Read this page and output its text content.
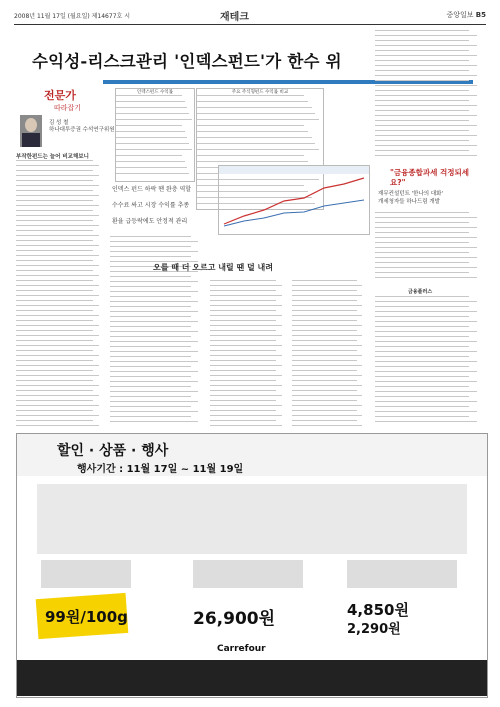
2008년 11월 17일 (월요일) 제14677호 시	재테크	중앙일보 B5
수익성-리스크관리 '인덱스펀드'가 한수 위
전문가
따라잡기
김 성 철
하나대투증권 수석연구위원
부작한펀드는 늘어 비교해보니
인덱스펀드 수익률	주요 주식형펀드 수익률 비교
인덱스 펀드 하락 땐 완충 역할
수수료 싸고 시장 수익률 추종
환율 급등락에도 안정적 관리
오를 때 더 오르고 내릴 땐 덜 내려
"금융종합과세 걱정되세요?"
재무컨설턴트 '한나의 대화'
개세청자들 하나드림 개발
금융플러스
할인 · 상품 · 행사
행사기간 : 11월 17일 ~ 11월 19일
99원/100g	26,900원	4,850원
2,290원
Carrefour
